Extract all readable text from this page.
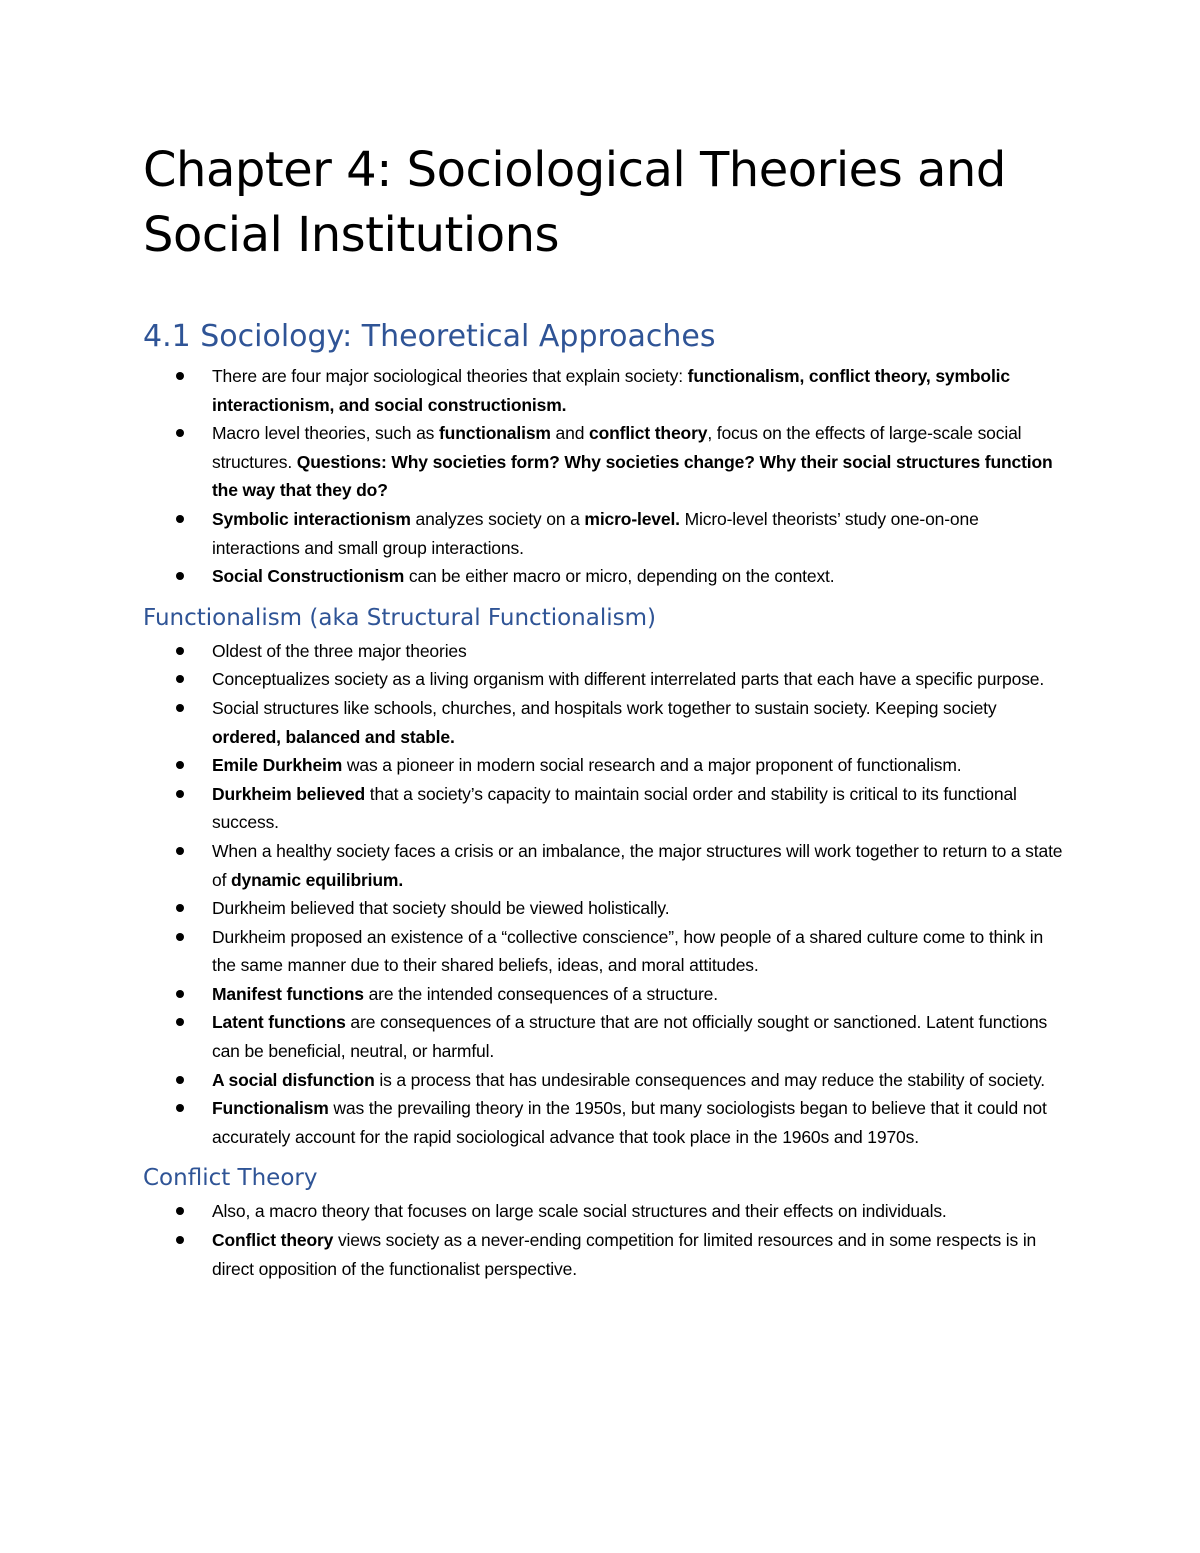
Chapter 4: Sociological Theories and Social Institutions
4.1 Sociology: Theoretical Approaches
There are four major sociological theories that explain society: functionalism, conflict theory, symbolic interactionism, and social constructionism.
Macro level theories, such as functionalism and conflict theory, focus on the effects of large-scale social structures. Questions: Why societies form? Why societies change? Why their social structures function the way that they do?
Symbolic interactionism analyzes society on a micro-level. Micro-level theorists’ study one-on-one interactions and small group interactions.
Social Constructionism can be either macro or micro, depending on the context.
Functionalism (aka Structural Functionalism)
Oldest of the three major theories
Conceptualizes society as a living organism with different interrelated parts that each have a specific purpose.
Social structures like schools, churches, and hospitals work together to sustain society. Keeping society ordered, balanced and stable.
Emile Durkheim was a pioneer in modern social research and a major proponent of functionalism.
Durkheim believed that a society’s capacity to maintain social order and stability is critical to its functional success.
When a healthy society faces a crisis or an imbalance, the major structures will work together to return to a state of dynamic equilibrium.
Durkheim believed that society should be viewed holistically.
Durkheim proposed an existence of a “collective conscience”, how people of a shared culture come to think in the same manner due to their shared beliefs, ideas, and moral attitudes.
Manifest functions are the intended consequences of a structure.
Latent functions are consequences of a structure that are not officially sought or sanctioned. Latent functions can be beneficial, neutral, or harmful.
A social disfunction is a process that has undesirable consequences and may reduce the stability of society.
Functionalism was the prevailing theory in the 1950s, but many sociologists began to believe that it could not accurately account for the rapid sociological advance that took place in the 1960s and 1970s.
Conflict Theory
Also, a macro theory that focuses on large scale social structures and their effects on individuals.
Conflict theory views society as a never-ending competition for limited resources and in some respects is in direct opposition of the functionalist perspective.
